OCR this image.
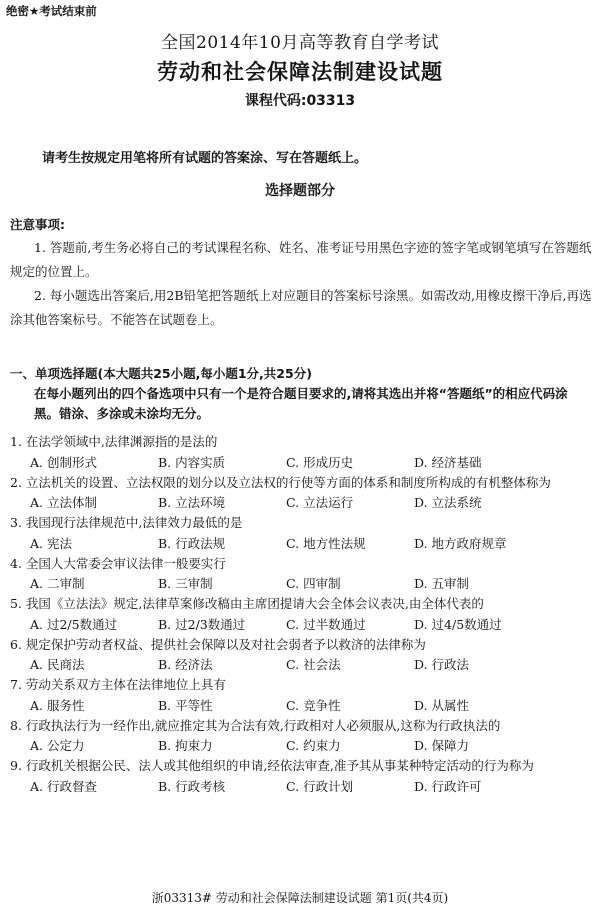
绝密★考试结束前
全国2014年10月高等教育自学考试
劳动和社会保障法制建设试题
课程代码:03313
请考生按规定用笔将所有试题的答案涂、写在答题纸上。
选择题部分
注意事项:

1. 答题前,考生务必将自己的考试课程名称、姓名、准考证号用黑色字迹的签字笔或钢笔填写在答题纸规定的位置上。

2. 每小题选出答案后,用2B铅笔把答题纸上对应题目的答案标号涂黑。如需改动,用橡皮擦干净后,再选涂其他答案标号。不能答在试题卷上。

一、单项选择题(本大题共25小题,每小题1分,共25分)
在每小题列出的四个备选项中只有一个是符合题目要求的,请将其选出并将“答题纸”的相应代码涂黑。错涂、多涂或未涂均无分。
1. 在法学领域中,法律渊源指的是法的
A. 创制形式	B. 内容实质	C. 形成历史	D. 经济基础
2. 立法机关的设置、立法权限的划分以及立法权的行使等方面的体系和制度所构成的有机整体称为
A. 立法体制	B. 立法环境	C. 立法运行	D. 立法系统
3. 我国现行法律规范中,法律效力最低的是
A. 宪法	B. 行政法规	C. 地方性法规	D. 地方政府规章
4. 全国人大常委会审议法律一般要实行
A. 二审制	B. 三审制	C. 四审制	D. 五审制
5. 我国《立法法》规定,法律草案修改稿由主席团提请大会全体会议表决,由全体代表的
A. 过2/5数通过	B. 过2/3数通过	C. 过半数通过	D. 过4/5数通过
6. 规定保护劳动者权益、提供社会保障以及对社会弱者予以救济的法律称为
A. 民商法	B. 经济法	C. 社会法	D. 行政法
7. 劳动关系双方主体在法律地位上具有
A. 服务性	B. 平等性	C. 竞争性	D. 从属性
8. 行政执法行为一经作出,就应推定其为合法有效,行政相对人必须服从,这称为行政执法的
A. 公定力	B. 拘束力	C. 约束力	D. 保障力
9. 行政机关根据公民、法人或其他组织的申请,经依法审查,准予其从事某种特定活动的行为称为
A. 行政督查	B. 行政考核	C. 行政计划	D. 行政许可
浙03313# 劳动和社会保障法制建设试题 第1页(共4页)
